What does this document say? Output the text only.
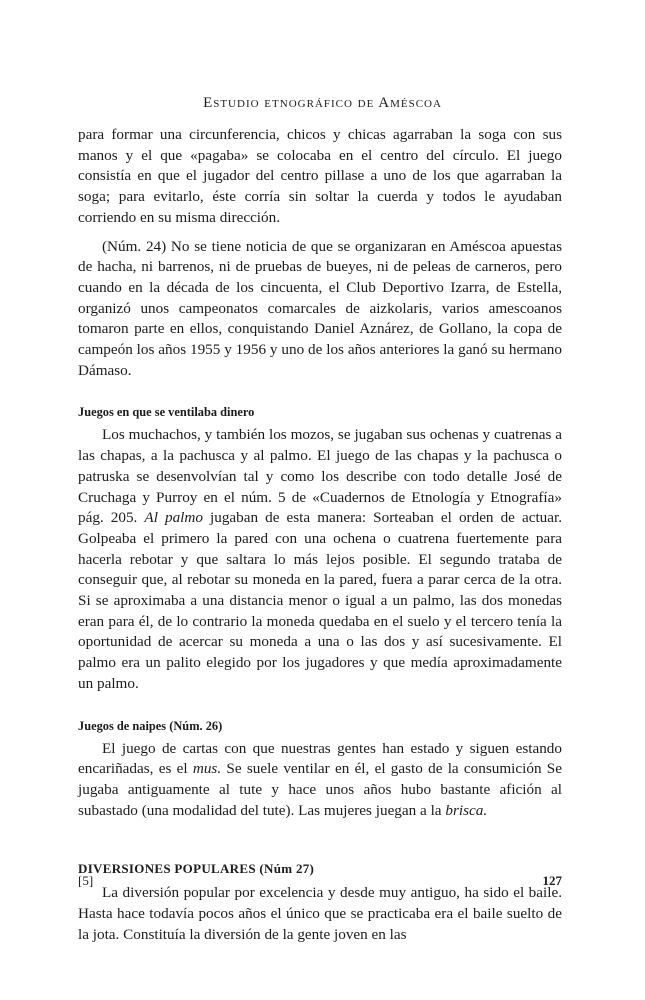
Estudio etnográfico de Améscoa

para formar una circunferencia, chicos y chicas agarraban la soga con sus manos y el que «pagaba» se colocaba en el centro del círculo. El juego consistía en que el jugador del centro pillase a uno de los que agarraban la soga; para evitarlo, éste corría sin soltar la cuerda y todos le ayudaban corriendo en su misma dirección.

(Núm. 24) No se tiene noticia de que se organizaran en Améscoa apuestas de hacha, ni barrenos, ni de pruebas de bueyes, ni de peleas de carneros, pero cuando en la década de los cincuenta, el Club Deportivo Izarra, de Estella, organizó unos campeonatos comarcales de aizkolaris, varios amescoanos tomaron parte en ellos, conquistando Daniel Aznárez, de Gollano, la copa de campeón los años 1955 y 1956 y uno de los años anteriores la ganó su hermano Dámaso.

Juegos en que se ventilaba dinero

Los muchachos, y también los mozos, se jugaban sus ochenas y cuatrenas a las chapas, a la pachusca y al palmo. El juego de las chapas y la pachusca o patruska se desenvolvían tal y como los describe con todo detalle José de Cruchaga y Purroy en el núm. 5 de «Cuadernos de Etnología y Etnografía» pág. 205. Al palmo jugaban de esta manera: Sorteaban el orden de actuar. Golpeaba el primero la pared con una ochena o cuatrena fuertemente para hacerla rebotar y que saltara lo más lejos posible. El segundo trataba de conseguir que, al rebotar su moneda en la pared, fuera a parar cerca de la otra. Si se aproximaba a una distancia menor o igual a un palmo, las dos monedas eran para él, de lo contrario la moneda quedaba en el suelo y el tercero tenía la oportunidad de acercar su moneda a una o las dos y así sucesivamente. El palmo era un palito elegido por los jugadores y que medía aproximadamente un palmo.

Juegos de naipes (Núm. 26)

El juego de cartas con que nuestras gentes han estado y siguen estando encariñadas, es el mus. Se suele ventilar en él, el gasto de la consumición Se jugaba antiguamente al tute y hace unos años hubo bastante afición al subastado (una modalidad del tute). Las mujeres juegan a la brisca.

DIVERSIONES POPULARES (Núm 27)

La diversión popular por excelencia y desde muy antiguo, ha sido el baile. Hasta hace todavía pocos años el único que se practicaba era el baile suelto de la jota. Constituía la diversión de la gente joven en las

[5]	127
